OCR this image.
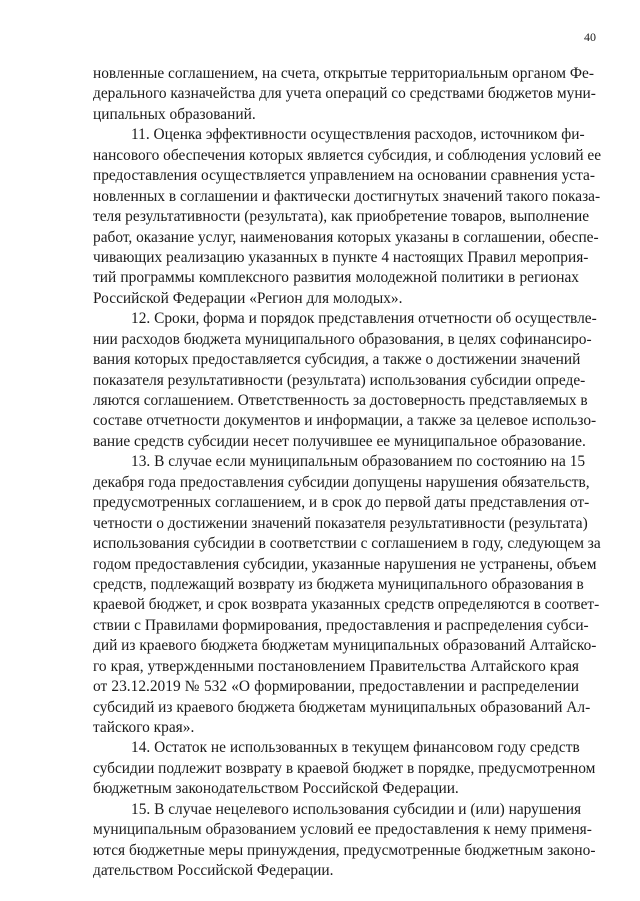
40
новленные соглашением, на счета, открытые территориальным органом Фе-
дерального казначейства для учета операций со средствами бюджетов муни-
ципальных образований.
11. Оценка эффективности осуществления расходов, источником фи-
нансового обеспечения которых является субсидия, и соблюдения условий ее
предоставления осуществляется управлением на основании сравнения уста-
новленных в соглашении и фактически достигнутых значений такого показа-
теля результативности (результата), как приобретение товаров, выполнение
работ, оказание услуг, наименования которых указаны в соглашении, обеспе-
чивающих реализацию указанных в пункте 4 настоящих Правил мероприя-
тий программы комплексного развития молодежной политики в регионах
Российской Федерации «Регион для молодых».
12. Сроки, форма и порядок представления отчетности об осуществле-
нии расходов бюджета муниципального образования, в целях софинансиро-
вания которых предоставляется субсидия, а также о достижении значений
показателя результативности (результата) использования субсидии опреде-
ляются соглашением. Ответственность за достоверность представляемых в
составе отчетности документов и информации, а также за целевое использо-
вание средств субсидии несет получившее ее муниципальное образование.
13. В случае если муниципальным образованием по состоянию на 15
декабря года предоставления субсидии допущены нарушения обязательств,
предусмотренных соглашением, и в срок до первой даты представления от-
четности о достижении значений показателя результативности (результата)
использования субсидии в соответствии с соглашением в году, следующем за
годом предоставления субсидии, указанные нарушения не устранены, объем
средств, подлежащий возврату из бюджета муниципального образования в
краевой бюджет, и срок возврата указанных средств определяются в соответ-
ствии с Правилами формирования, предоставления и распределения субси-
дий из краевого бюджета бюджетам муниципальных образований Алтайско-
го края, утвержденными постановлением Правительства Алтайского края
от 23.12.2019 № 532 «О формировании, предоставлении и распределении
субсидий из краевого бюджета бюджетам муниципальных образований Ал-
тайского края».
14. Остаток не использованных в текущем финансовом году средств
субсидии подлежит возврату в краевой бюджет в порядке, предусмотренном
бюджетным законодательством Российской Федерации.
15. В случае нецелевого использования субсидии и (или) нарушения
муниципальным образованием условий ее предоставления к нему применя-
ются бюджетные меры принуждения, предусмотренные бюджетным законо-
дательством Российской Федерации.
